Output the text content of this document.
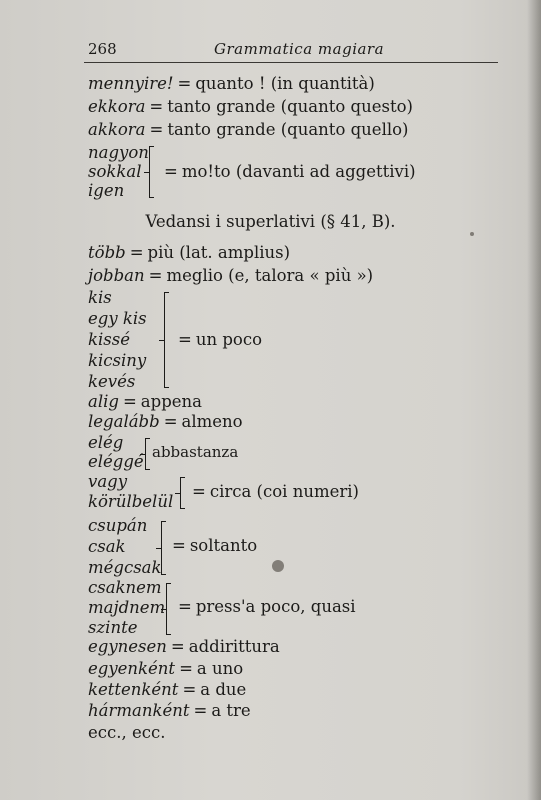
268	Grammatica magiara
mennyire! = quanto ! (in quantità)
ekkora = tanto grande (quanto questo)
akkora = tanto grande (quanto quello)
nagyon
sokkal
igen
= mo!to (davanti ad aggettivi)
Vedansi i superlativi (§ 41, B).
több = più (lat. amplius)
jobban = meglio (e, talora « più »)
kis
egy kis
kissé
kicsiny
kevés
= un poco
alig = appena
legalább = almeno
elég
eléggé abbastanza
vagy
körülbelül
= circa (coi numeri)
csupán
csak
mégcsak
= soltanto
csaknem
majdnem
szinte
= press'a poco, quasi
egynesen = addirittura
egyenként = a uno
kettenként = a due
hármanként = a tre
ecc., ecc.
